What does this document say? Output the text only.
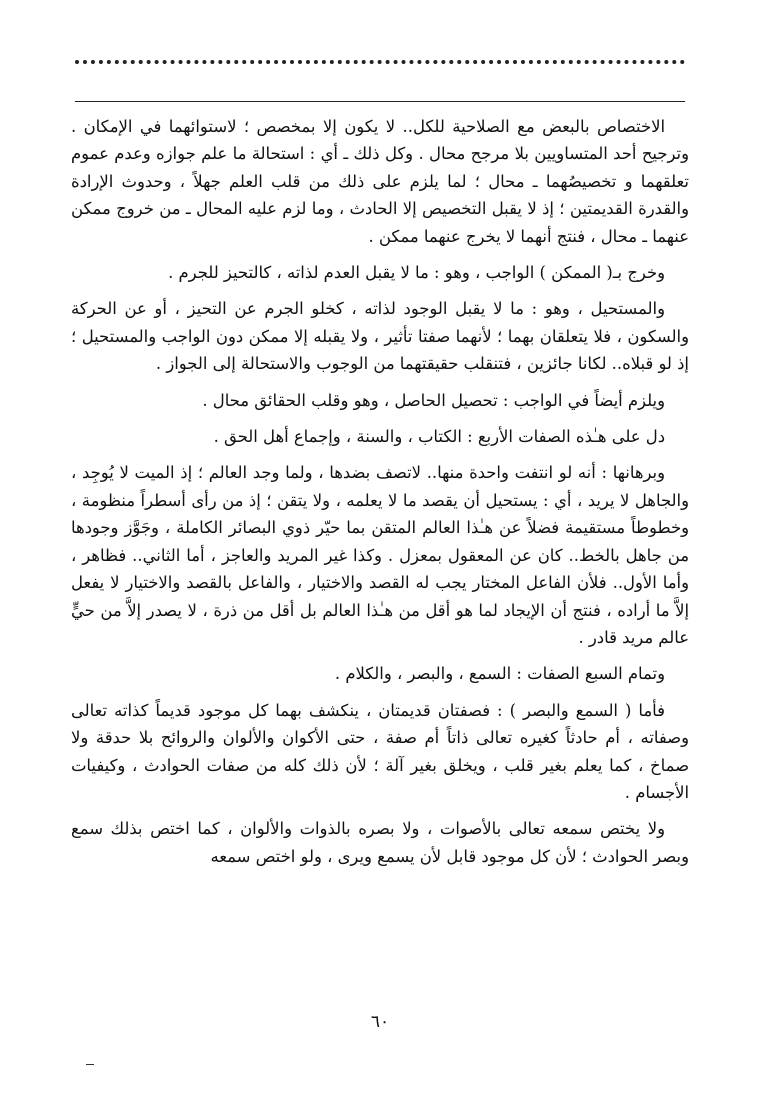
الاختصاص بالبعض مع الصلاحية للكل.. لا يكون إلا بمخصص ؛ لاستوائهما في الإمكان . وترجيح أحد المتساويين بلا مرجح محال . وكل ذلك ـ أي : استحالة ما علم جوازه وعدم عموم تعلقهما و تخصيصُهما ـ محال ؛ لما يلزم على ذلك من قلب العلم جهلاً ، وحدوث الإرادة والقدرة القديمتين ؛ إذ لا يقبل التخصيص إلا الحادث ، وما لزم عليه المحال ـ من خروج ممكن عنهما ـ محال ، فنتج أنهما لا يخرج عنهما ممكن .

وخرج بـ( الممكن ) الواجب ، وهو : ما لا يقبل العدم لذاته ، كالتحيز للجرم .

والمستحيل ، وهو : ما لا يقبل الوجود لذاته ، كخلو الجرم عن التحيز ، أو عن الحركة والسكون ، فلا يتعلقان بهما ؛ لأنهما صفتا تأثير ، ولا يقبله إلا ممكن دون الواجب والمستحيل ؛ إذ لو قبلاه.. لكانا جائزين ، فتنقلب حقيقتهما من الوجوب والاستحالة إلى الجواز .

ويلزم أيضاً في الواجب : تحصيل الحاصل ، وهو وقلب الحقائق محال .

دل على هـٰذه الصفات الأربع : الكتاب ، والسنة ، وإجماع أهل الحق .

وبرهانها : أنه لو انتفت واحدة منها.. لاتصف بضدها ، ولما وجد العالم ؛ إذ الميت لا يُوجِد ، والجاهل لا يريد ، أي : يستحيل أن يقصد ما لا يعلمه ، ولا يتقن ؛ إذ من رأى أسطراً منظومة ، وخطوطاً مستقيمة فضلاً عن هـٰذا العالم المتقن بما حيّر ذوي البصائر الكاملة ، وجَوَّز وجودها من جاهل بالخط.. كان عن المعقول بمعزل . وكذا غير المريد والعاجز ، أما الثاني.. فظاهر ، وأما الأول.. فلأن الفاعل المختار يجب له القصد والاختيار ، والفاعل بالقصد والاختيار لا يفعل إلاَّ ما أراده ، فنتج أن الإيجاد لما هو أقل من هـٰذا العالم بل أقل من ذرة ، لا يصدر إلاَّ من حيٍّ عالم مريد قادر .

وتمام السبع الصفات : السمع ، والبصر ، والكلام .

فأما ( السمع والبصر ) : فصفتان قديمتان ، ينكشف بهما كل موجود قديماً كذاته تعالى وصفاته ، أم حادثاً كغيره تعالى ذاتاً أم صفة ، حتى الأكوان والألوان والروائح بلا حدقة ولا صماخ ، كما يعلم بغير قلب ، ويخلق بغير آلة ؛ لأن ذلك كله من صفات الحوادث ، وكيفيات الأجسام .

ولا يختص سمعه تعالى بالأصوات ، ولا بصره بالذوات والألوان ، كما اختص بذلك سمع وبصر الحوادث ؛ لأن كل موجود قابل لأن يسمع ويرى ، ولو اختص سمعه

٦٠
